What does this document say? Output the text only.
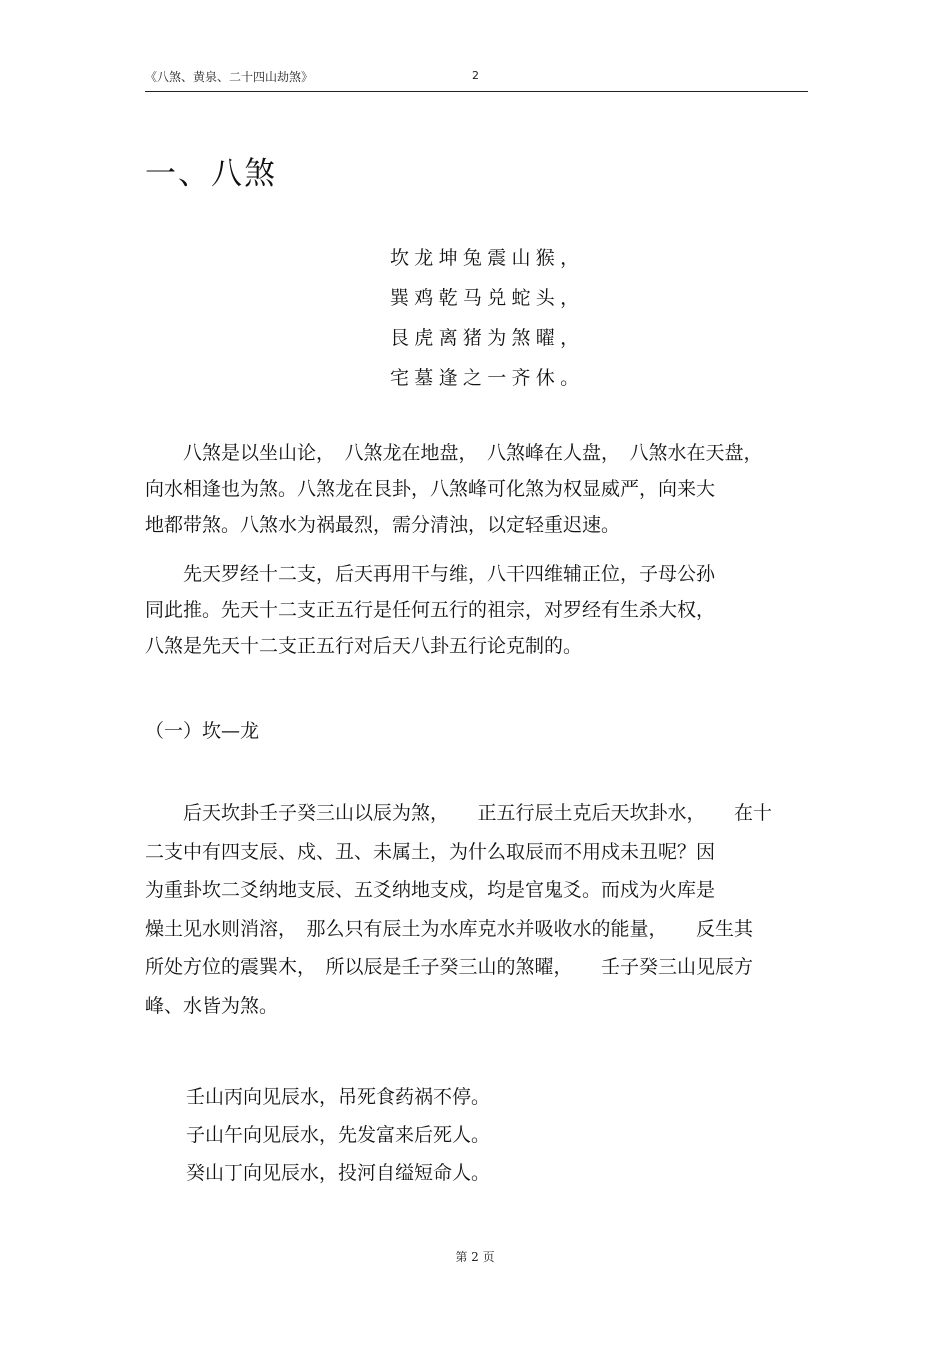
《八煞、黄泉、二十四山劫煞》	2
一、八煞
坎龙坤兔震山猴，
巽鸡乾马兑蛇头，
艮虎离猪为煞曜，
宅墓逢之一齐休。
　　八煞是以坐山论，　八煞龙在地盘，　八煞峰在人盘，　八煞水在天盘，
向水相逢也为煞。八煞龙在艮卦，八煞峰可化煞为权显威严，向来大
地都带煞。八煞水为祸最烈，需分清浊，以定轻重迟速。
　　先天罗经十二支，后天再用干与维，八干四维辅正位，子母公孙
同此推。先天十二支正五行是任何五行的祖宗，对罗经有生杀大权，
八煞是先天十二支正五行对后天八卦五行论克制的。
（一）坎—龙
　　后天坎卦壬子癸三山以辰为煞，　　正五行辰土克后天坎卦水，　　在十
二支中有四支辰、戍、丑、未属土，为什么取辰而不用戍未丑呢？因
为重卦坎二爻纳地支辰、五爻纳地支戍，均是官鬼爻。而戍为火库是
燥土见水则消溶，　那么只有辰土为水库克水并吸收水的能量，　　反生其
所处方位的震巽木，　所以辰是壬子癸三山的煞曜，　　壬子癸三山见辰方
峰、水皆为煞。
壬山丙向见辰水，吊死食药祸不停。
子山午向见辰水，先发富来后死人。
癸山丁向见辰水，投河自缢短命人。
第 2 页
